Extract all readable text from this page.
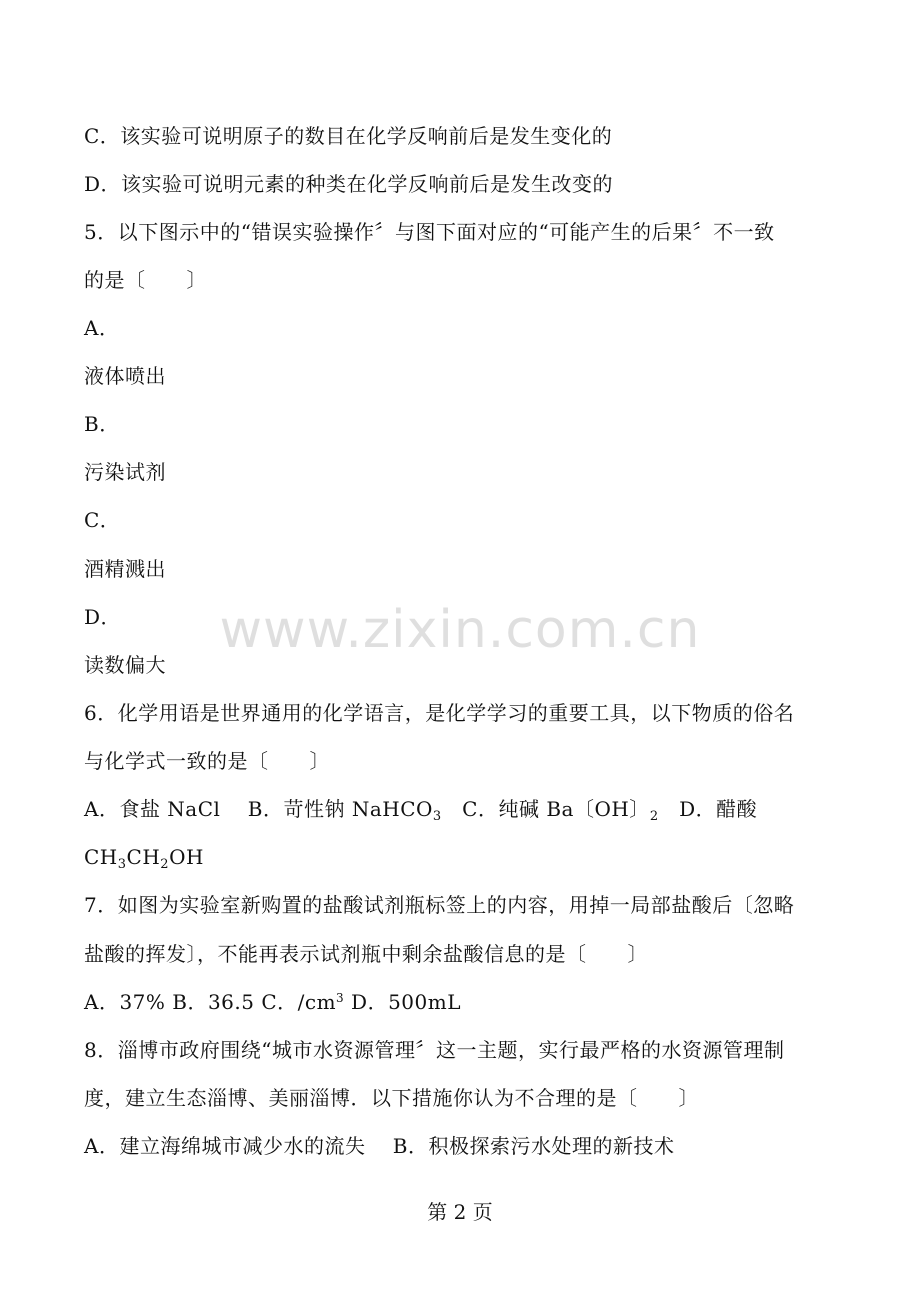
C．该实验可说明原子的数目在化学反响前后是发生变化的
D．该实验可说明元素的种类在化学反响前后是发生改变的
5．以下图示中的“错误实验操作〞与图下面对应的“可能产生的后果〞不一致
的是〔　　〕
A．
液体喷出
B．
污染试剂
C．
酒精溅出
D．
读数偏大
6．化学用语是世界通用的化学语言，是化学学习的重要工具，以下物质的俗名
与化学式一致的是〔　　〕
A．食盐 NaCl　 B．苛性钠 NaHCO$_3$　C．纯碱 Ba〔OH〕$_2$　D．醋酸
$CH_3CH_2OH$
7．如图为实验室新购置的盐酸试剂瓶标签上的内容，用掉一局部盐酸后〔忽略
盐酸的挥发〕，不能再表示试剂瓶中剩余盐酸信息的是〔　　〕
A．37% B．36.5 C．$/cm^3$ D．500mL
8．淄博市政府围绕“城市水资源管理〞这一主题，实行最严格的水资源管理制
度，建立生态淄博、美丽淄博．以下措施你认为不合理的是〔　　〕
A．建立海绵城市减少水的流失　 B．积极探索污水处理的新技术
www.zixin.com.cn
第 2 页
